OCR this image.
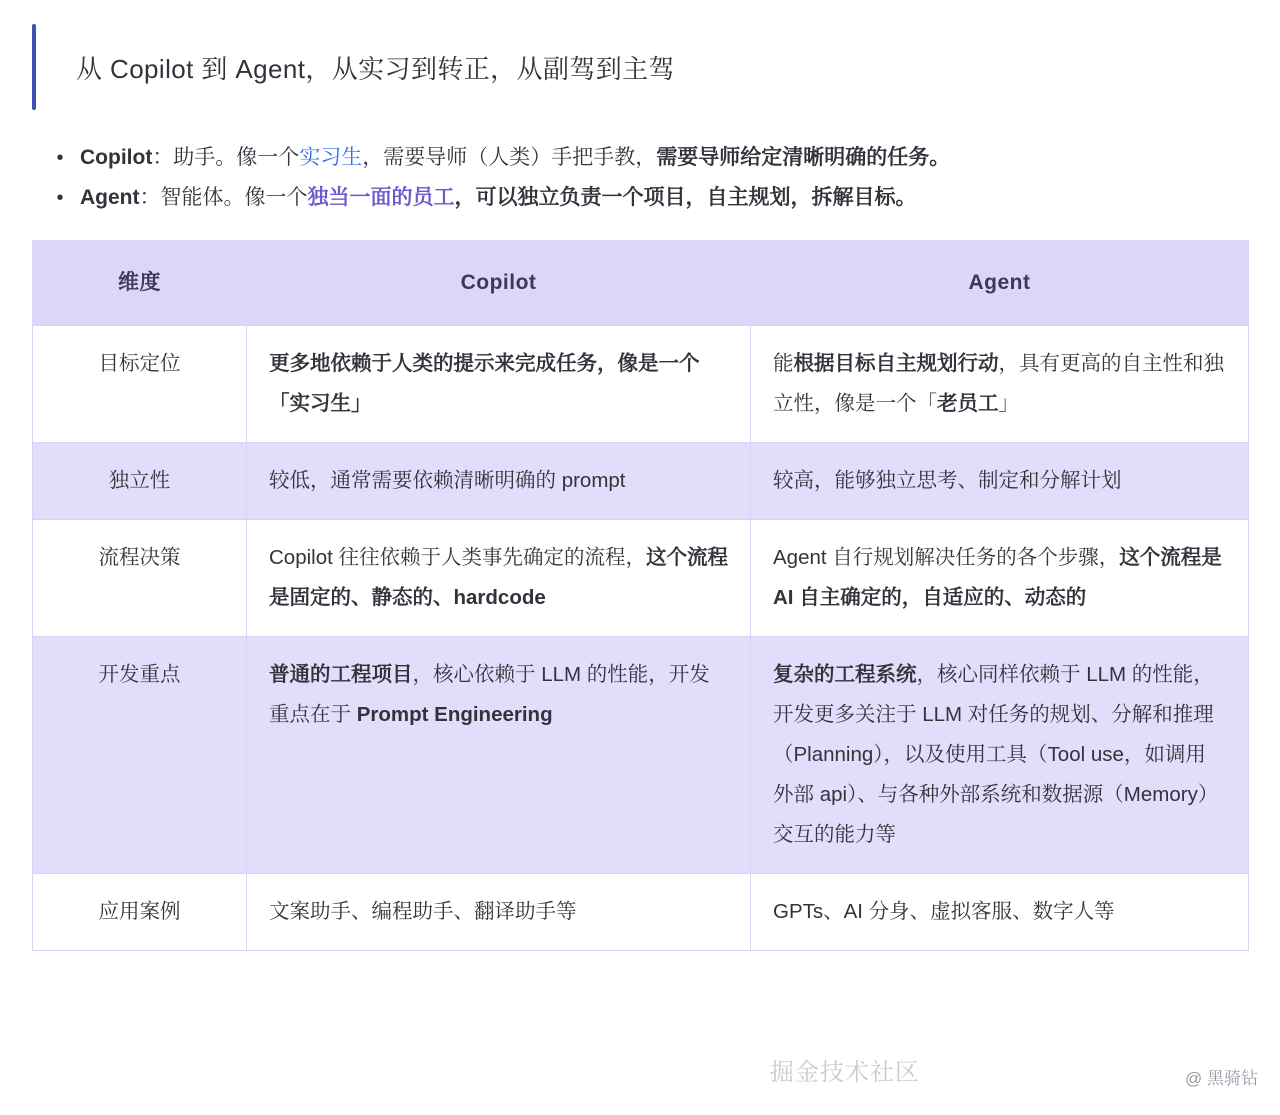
从 Copilot 到 Agent，从实习到转正，从副驾到主驾
• Copilot：助手。像一个实习生，需要导师（人类）手把手教，需要导师给定清晰明确的任务。
• Agent：智能体。像一个独当一面的员工，可以独立负责一个项目，自主规划，拆解目标。
维度	Copilot	Agent
目标定位	更多地依赖于人类的提示来完成任务，像是一个「实习生」	能根据目标自主规划行动，具有更高的自主性和独立性，像是一个「老员工」
独立性	较低，通常需要依赖清晰明确的 prompt	较高，能够独立思考、制定和分解计划
流程决策	Copilot 往往依赖于人类事先确定的流程，这个流程是固定的、静态的、hardcode	Agent 自行规划解决任务的各个步骤，这个流程是 AI 自主确定的，自适应的、动态的
开发重点	普通的工程项目，核心依赖于 LLM 的性能，开发重点在于 Prompt Engineering	复杂的工程系统，核心同样依赖于 LLM 的性能，开发更多关注于 LLM 对任务的规划、分解和推理（Planning），以及使用工具（Tool use，如调用外部 api）、与各种外部系统和数据源（Memory）交互的能力等
应用案例	文案助手、编程助手、翻译助手等	GPTs、AI 分身、虚拟客服、数字人等
掘金技术社区	@ 黑骑钻
